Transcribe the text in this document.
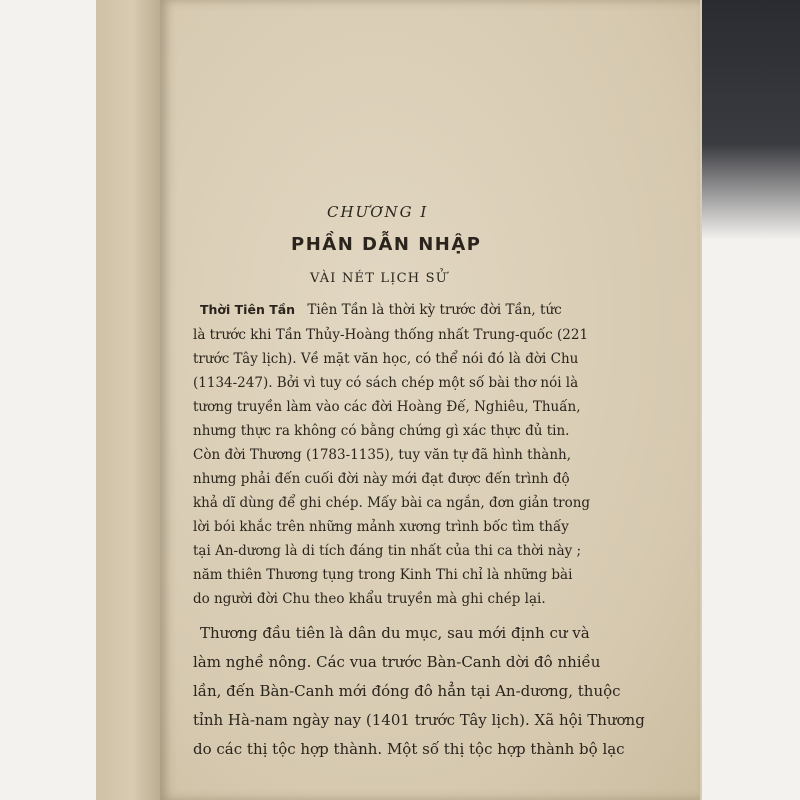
CHƯƠNG I
PHẦN DẪN NHẬP
VÀI NÉT LỊCH SỬ
Thời Tiên Tần Tiên Tần là thời kỳ trước đời Tần, tức
là trước khi Tần Thủy-Hoàng thống nhất Trung-quốc (221
trước Tây lịch). Về mặt văn học, có thể nói đó là đời Chu
(1134-247). Bởi vì tuy có sách chép một số bài thơ nói là
tương truyền làm vào các đời Hoàng Đế, Nghiêu, Thuấn,
nhưng thực ra không có bằng chứng gì xác thực đủ tin.
Còn đời Thương (1783-1135), tuy văn tự đã hình thành,
nhưng phải đến cuối đời này mới đạt được đến trình độ
khả dĩ dùng để ghi chép. Mấy bài ca ngắn, đơn giản trong
lời bói khắc trên những mảnh xương trình bốc tìm thấy
tại An-dương là di tích đáng tin nhất của thi ca thời này ;
năm thiên Thương tụng trong Kinh Thi chỉ là những bài
do người đời Chu theo khẩu truyền mà ghi chép lại.
Thương đầu tiên là dân du mục, sau mới định cư và
làm nghề nông. Các vua trước Bàn-Canh dời đô nhiều
lần, đến Bàn-Canh mới đóng đô hẳn tại An-dương, thuộc
tỉnh Hà-nam ngày nay (1401 trước Tây lịch). Xã hội Thương
do các thị tộc hợp thành. Một số thị tộc hợp thành bộ lạc
